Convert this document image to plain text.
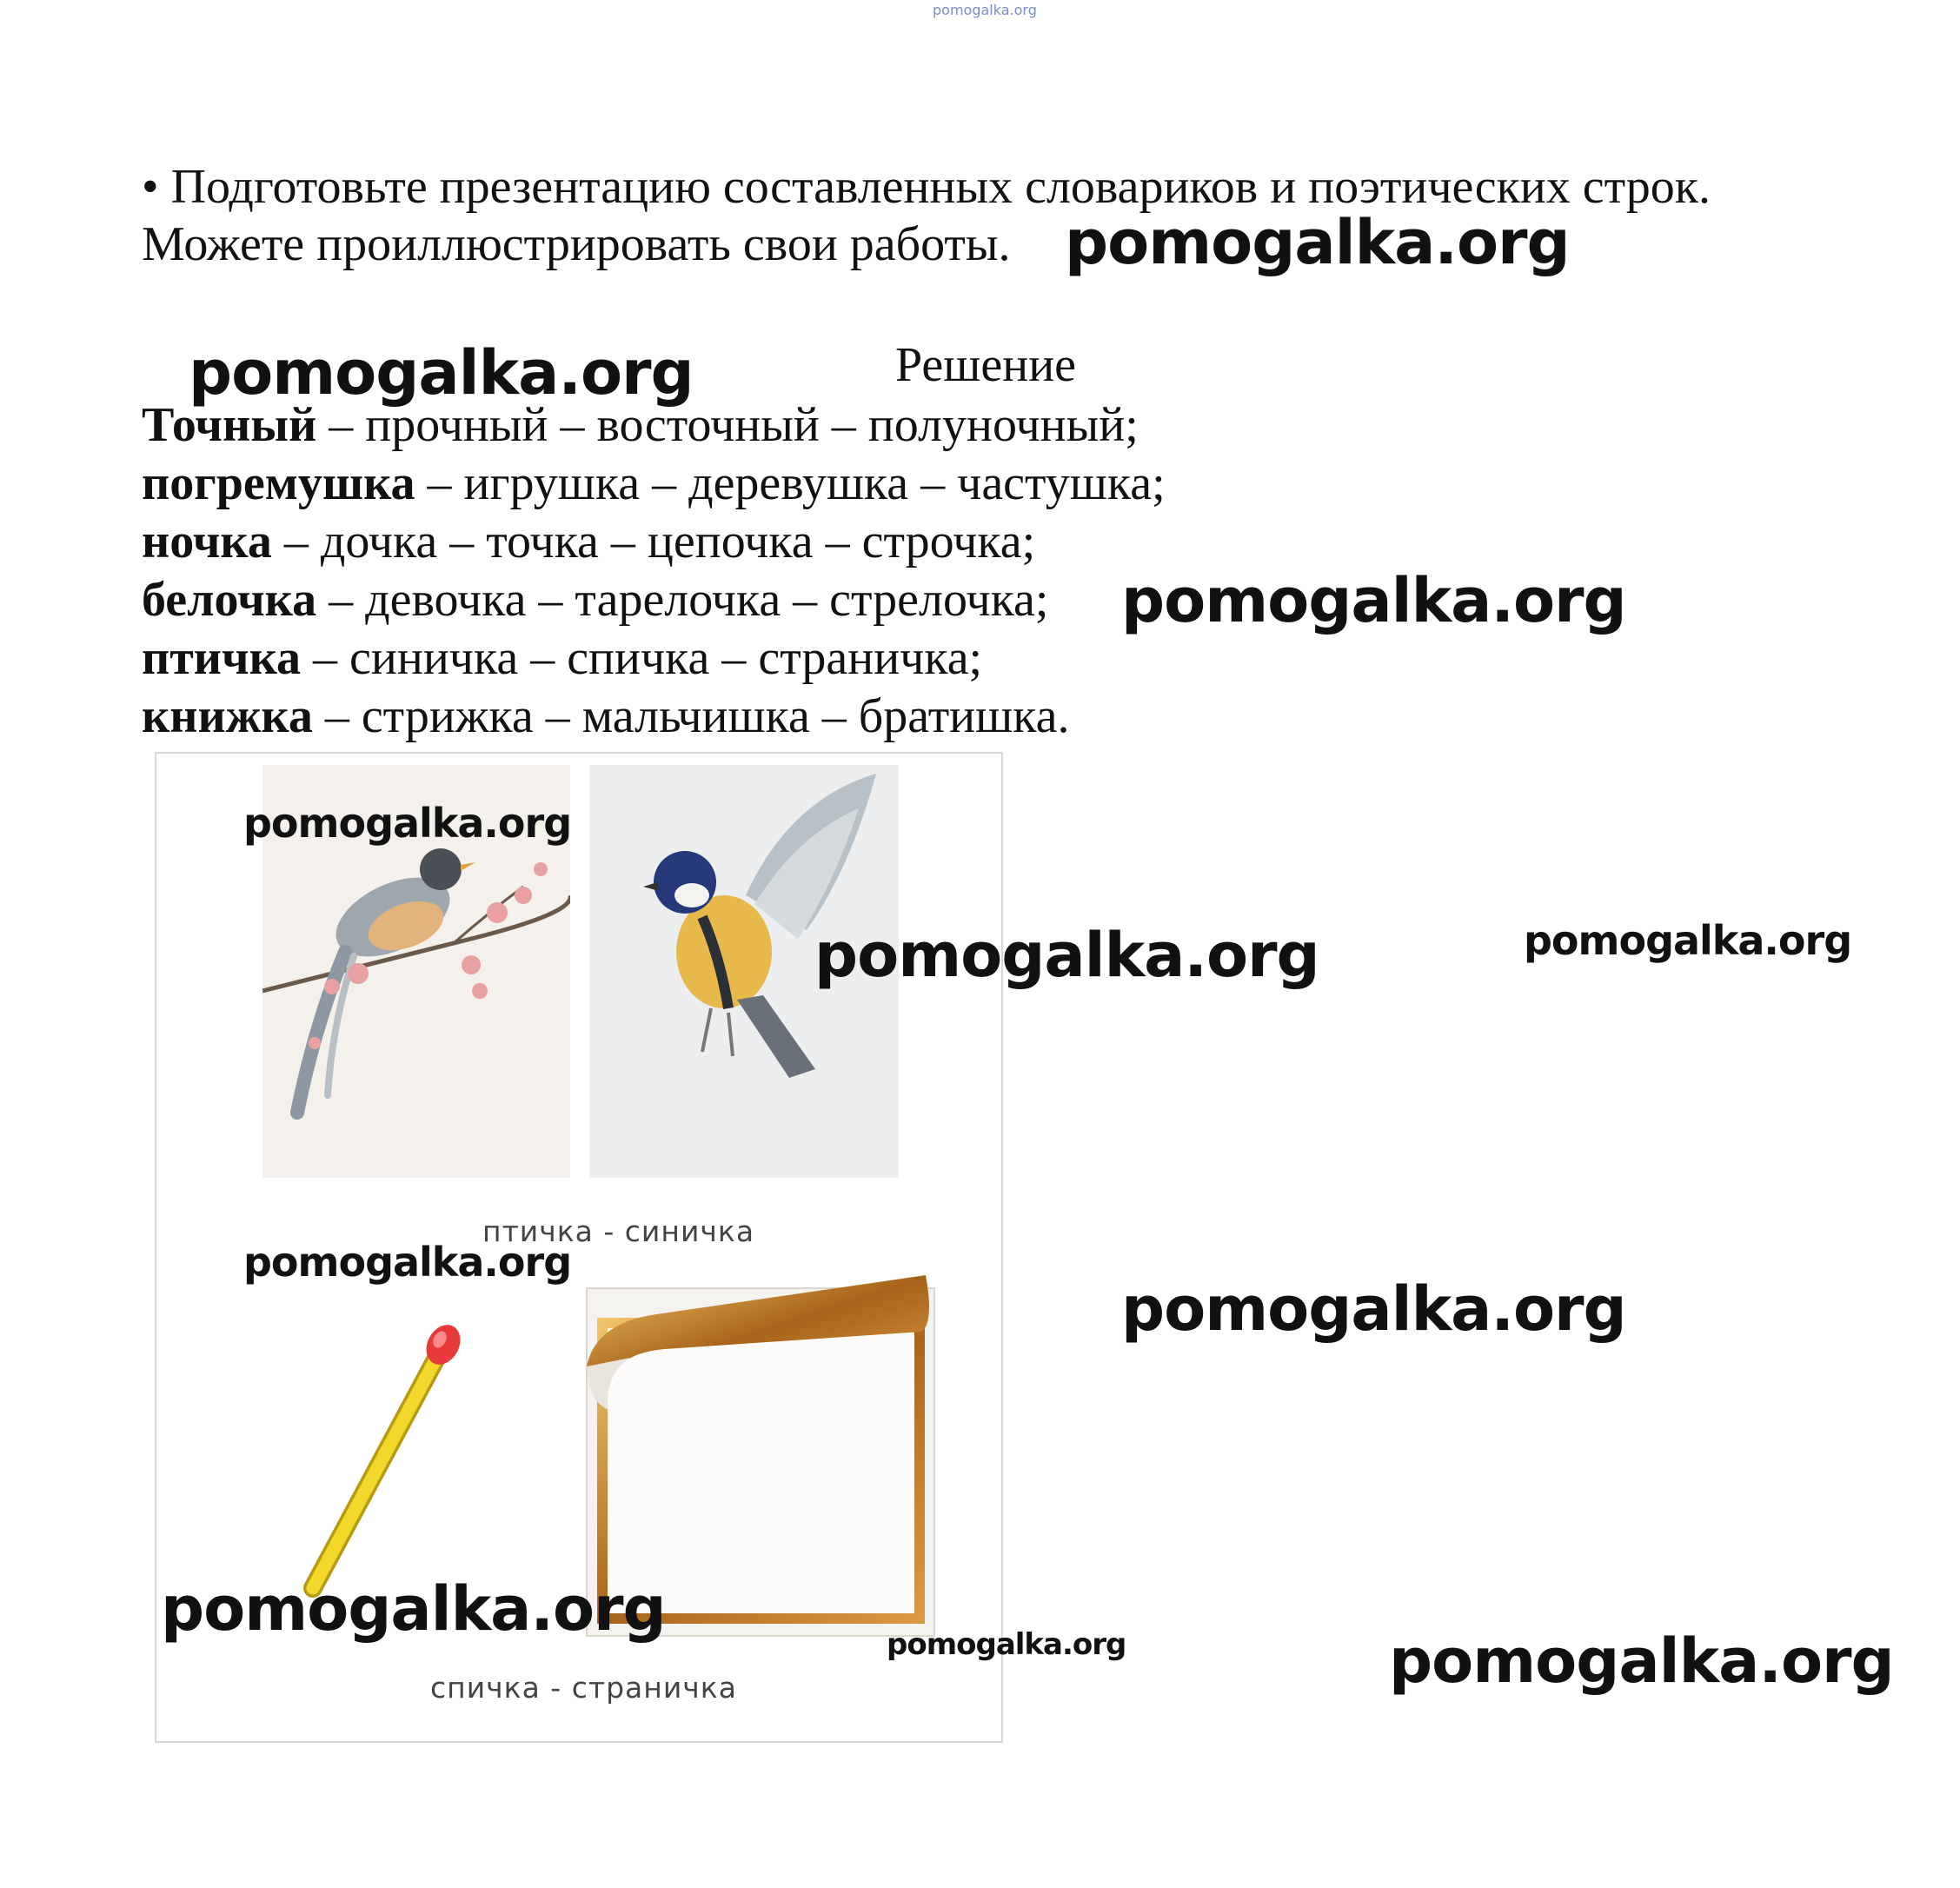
pomogalka.org
• Подготовьте презентацию составленных словариков и поэтических строк.
Можете проиллюстрировать свои работы. pomogalka.org
pomogalka.org	Решение
Точный – прочный – восточный – полуночный;
погремушка – игрушка – деревушка – частушка;
ночка – дочка – точка – цепочка – строчка;
белочка – девочка – тарелочка – стрелочка;
птичка – синичка – спичка – страничка;
книжка – стрижка – мальчишка – братишка.
pomogalka.org
птичка - синичка
спичка - страничка
pomogalka.org
pomogalka.org	pomogalka.org
pomogalka.org
pomogalka.org
pomogalka.org	pomogalka.org	pomogalka.org
